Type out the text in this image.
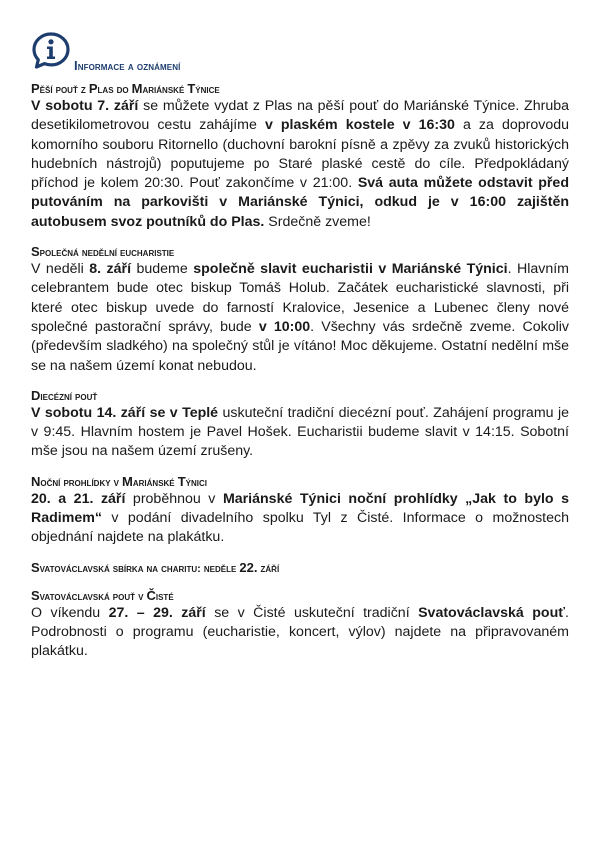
Informace a oznámení
Pěší pouť z Plas do Mariánské Týnice
V sobotu 7. září se můžete vydat z Plas na pěší pouť do Mariánské Týnice. Zhruba desetikilometrovou cestu zahájíme v plaském kostele v 16:30 a za doprovodu komorního souboru Ritornello (duchovní barokní písně a zpěvy za zvuků historických hudebních nástrojů) poputujeme po Staré plaské cestě do cíle. Předpokládaný příchod je kolem 20:30. Pouť zakončíme v 21:00. Svá auta můžete odstavit před putováním na parkovišti v Mariánské Týnici, odkud je v 16:00 zajištěn autobusem svoz poutníků do Plas. Srdečně zveme!
Společná nedělní eucharistie
V neděli 8. září budeme společně slavit eucharistii v Mariánské Týnici. Hlavním celebrantem bude otec biskup Tomáš Holub. Začátek eucharistické slavnosti, při které otec biskup uvede do farností Kralovice, Jesenice a Lubenec členy nové společné pastorační správy, bude v 10:00. Všechny vás srdečně zveme. Cokoliv (především sladkého) na společný stůl je vítáno! Moc děkujeme. Ostatní nedělní mše se na našem území konat nebudou.
Diecézní pouť
V sobotu 14. září se v Teplé uskuteční tradiční diecézní pouť. Zahájení programu je v 9:45. Hlavním hostem je Pavel Hošek. Eucharistii budeme slavit v 14:15. Sobotní mše jsou na našem území zrušeny.
Noční prohlídky v Mariánské Týnici
20. a 21. září proběhnou v Mariánské Týnici noční prohlídky „Jak to bylo s Radimem“ v podání divadelního spolku Tyl z Čisté. Informace o možnostech objednání najdete na plakátku.
Svatováclavská sbírka na charitu: neděle 22. září
Svatováclavská pouť v Čisté
O víkendu 27. – 29. září se v Čisté uskuteční tradiční Svatováclavská pouť. Podrobnosti o programu (eucharistie, koncert, výlov) najdete na připravovaném plakátku.
